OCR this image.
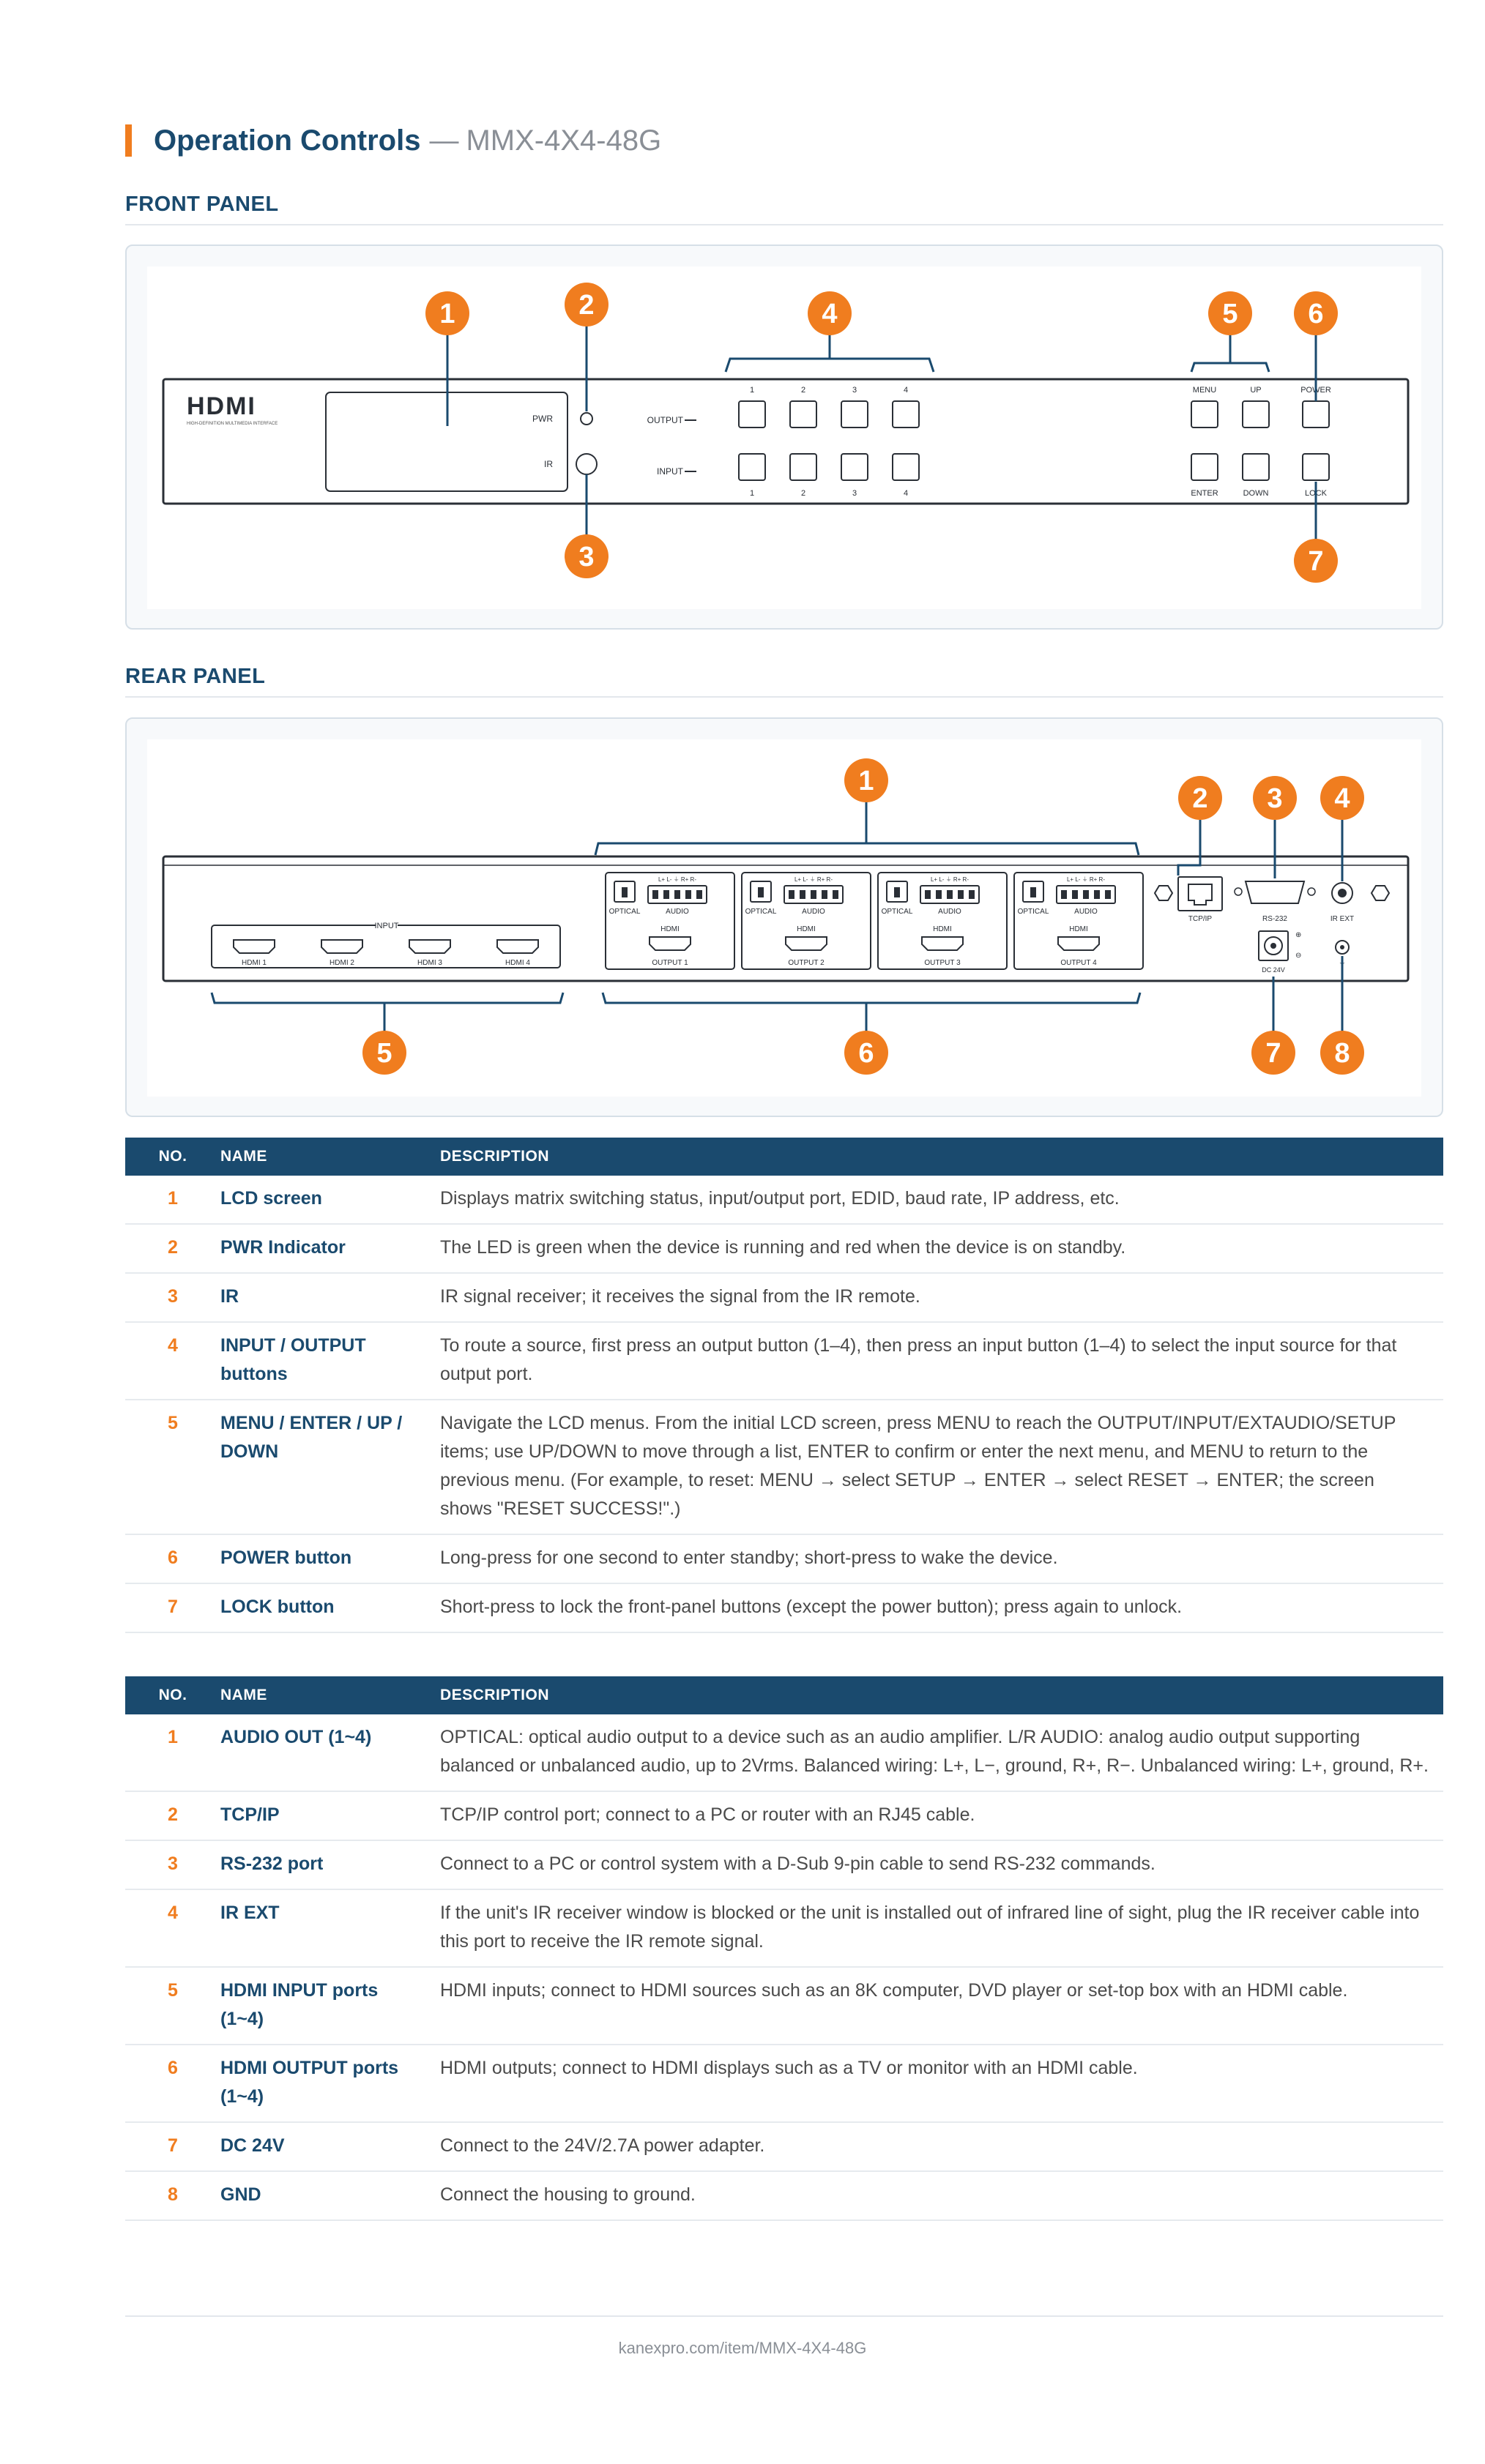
Operation Controls — MMX-4X4-48G
FRONT PANEL
HDMI
HIGH-DEFINITION MULTIMEDIA INTERFACE	PWR
IR
OUTPUT
INPUT
1	2	3	4
1	2	3	4
MENU	UP	POWER
ENTER	DOWN	LOCK
1	2
3
4	5	6
7
REAR PANEL
INPUT
HDMI 1	HDMI 2	HDMI 3	HDMI 4
L+ L- ⏚ R+ R-
OPTICAL	AUDIO
HDMI
OUTPUT 1
L+ L- ⏚ R+ R-
OPTICAL	AUDIO
HDMI
OUTPUT 2
L+ L- ⏚ R+ R-
OPTICAL	AUDIO
HDMI
OUTPUT 3
L+ L- ⏚ R+ R-
OPTICAL	AUDIO
HDMI
OUTPUT 4
TCP/IP	RS-232	IR EXT
⊕
⊖
DC 24V
⏚
1
2 3 4
5	6	7 8
NO.	NAME	DESCRIPTION
1	LCD screen	Displays matrix switching status, input/output port, EDID, baud rate, IP address, etc.
2	PWR Indicator	The LED is green when the device is running and red when the device is on standby.
3	IR	IR signal receiver; it receives the signal from the IR remote.
4	INPUT / OUTPUT buttons	To route a source, first press an output button (1–4), then press an input button (1–4) to select the input source for that output port.
5	MENU / ENTER / UP / DOWN	Navigate the LCD menus. From the initial LCD screen, press MENU to reach the OUTPUT/INPUT/EXTAUDIO/SETUP items; use UP/DOWN to move through a list, ENTER to confirm or enter the next menu, and MENU to return to the previous menu. (For example, to reset: MENU → select SETUP → ENTER → select RESET → ENTER; the screen shows "RESET SUCCESS!".)
6	POWER button	Long-press for one second to enter standby; short-press to wake the device.
7	LOCK button	Short-press to lock the front-panel buttons (except the power button); press again to unlock.
NO.	NAME	DESCRIPTION
1	AUDIO OUT (1~4)	OPTICAL: optical audio output to a device such as an audio amplifier. L/R AUDIO: analog audio output supporting balanced or unbalanced audio, up to 2Vrms. Balanced wiring: L+, L−, ground, R+, R−. Unbalanced wiring: L+, ground, R+.
2	TCP/IP	TCP/IP control port; connect to a PC or router with an RJ45 cable.
3	RS-232 port	Connect to a PC or control system with a D-Sub 9-pin cable to send RS-232 commands.
4	IR EXT	If the unit's IR receiver window is blocked or the unit is installed out of infrared line of sight, plug the IR receiver cable into this port to receive the IR remote signal.
5	HDMI INPUT ports (1~4)	HDMI inputs; connect to HDMI sources such as an 8K computer, DVD player or set-top box with an HDMI cable.
6	HDMI OUTPUT ports (1~4)	HDMI outputs; connect to HDMI displays such as a TV or monitor with an HDMI cable.
7	DC 24V	Connect to the 24V/2.7A power adapter.
8	GND	Connect the housing to ground.
kanexpro.com/item/MMX-4X4-48G
